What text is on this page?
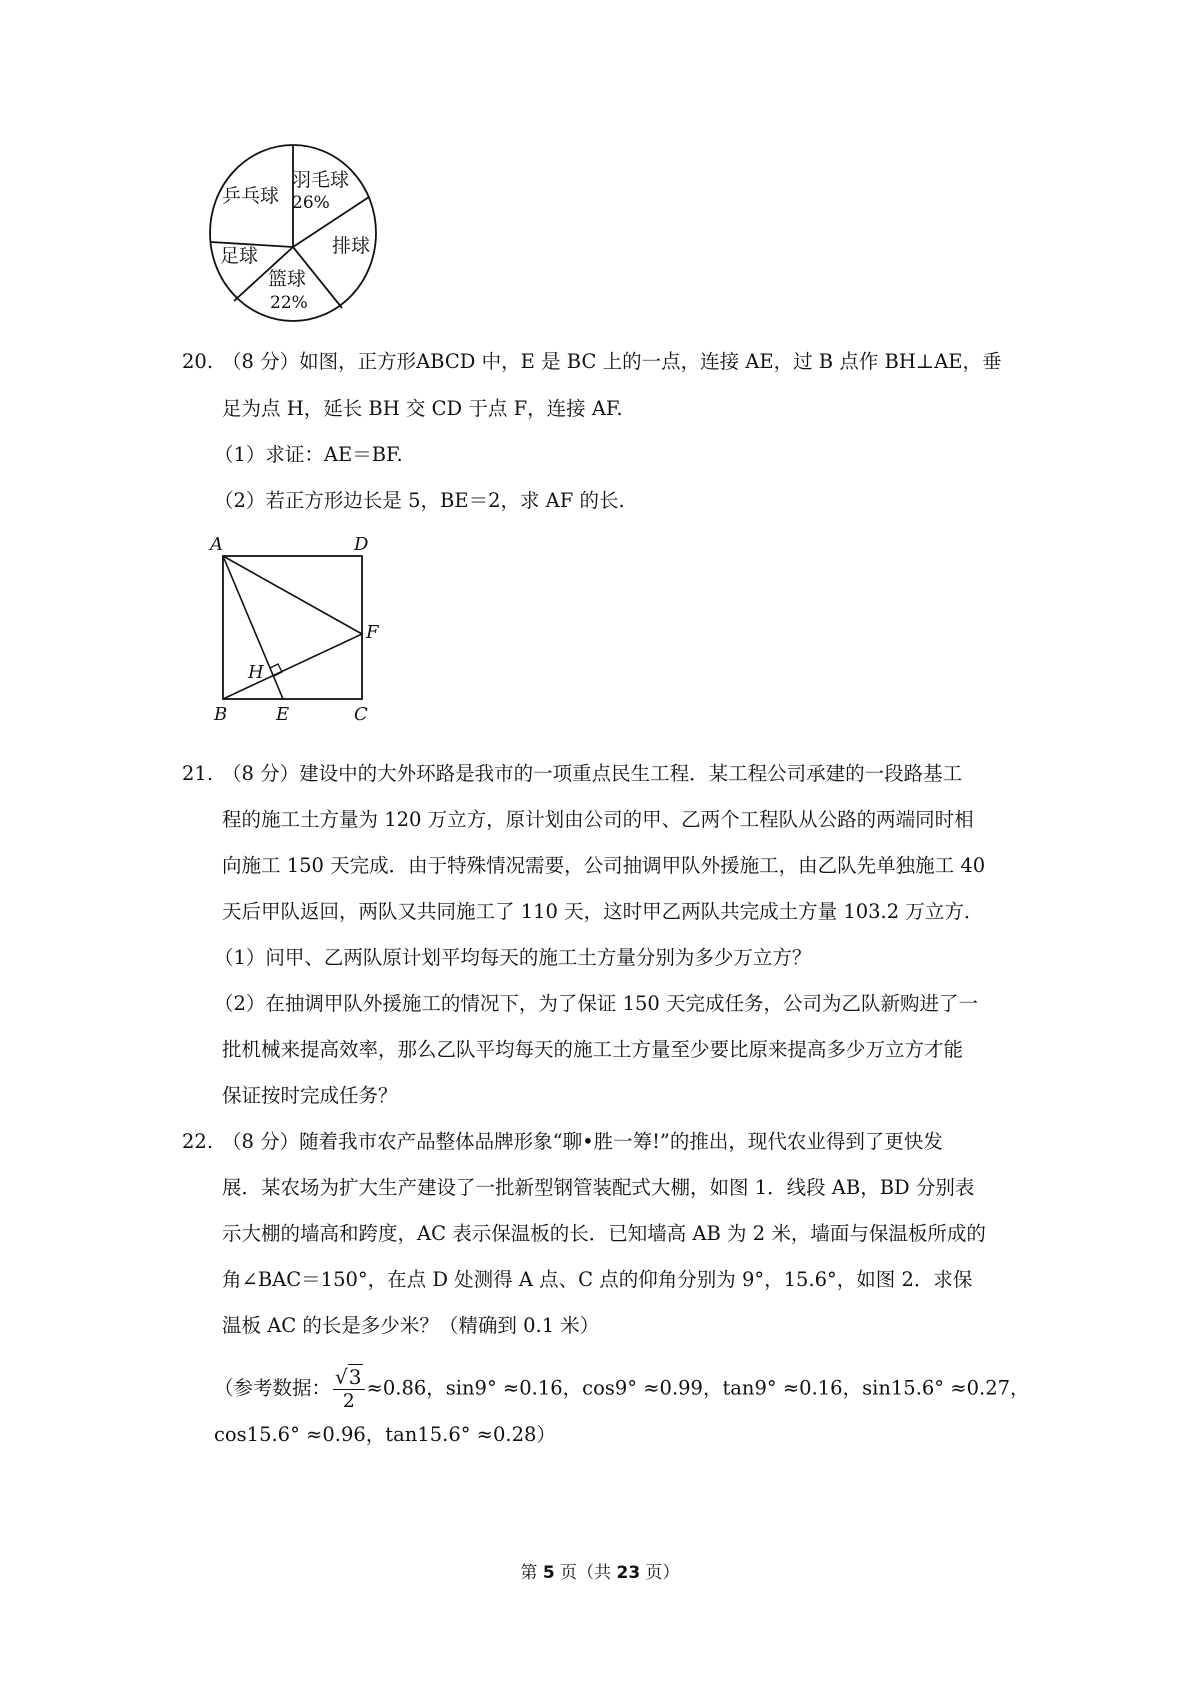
乒乓球
羽毛球
26%
排球
篮球
22%
足球
20. （8 分）如图，正方形ABCD 中，E 是 BC 上的一点，连接 AE，过 B 点作 BH⊥AE，垂
足为点 H，延长 BH 交 CD 于点 F，连接 AF.
（1）求证：AE＝BF.
（2）若正方形边长是 5，BE＝2，求 AF 的长.
A	D
F
H
B	E	C
21. （8 分）建设中的大外环路是我市的一项重点民生工程．某工程公司承建的一段路基工
程的施工土方量为 120 万立方，原计划由公司的甲、乙两个工程队从公路的两端同时相
向施工 150 天完成．由于特殊情况需要，公司抽调甲队外援施工，由乙队先单独施工 40
天后甲队返回，两队又共同施工了 110 天，这时甲乙两队共完成土方量 103.2 万立方．
（1）问甲、乙两队原计划平均每天的施工土方量分别为多少万立方？
（2）在抽调甲队外援施工的情况下，为了保证 150 天完成任务，公司为乙队新购进了一
批机械来提高效率，那么乙队平均每天的施工土方量至少要比原来提高多少万立方才能
保证按时完成任务？
22. （8 分）随着我市农产品整体品牌形象“聊•胜一筹!”的推出，现代农业得到了更快发
展．某农场为扩大生产建设了一批新型钢管装配式大棚，如图 1．线段 AB，BD 分别表
示大棚的墙高和跨度，AC 表示保温板的长．已知墙高 AB 为 2 米，墙面与保温板所成的
角∠BAC＝150°，在点 D 处测得 A 点、C 点的仰角分别为 9°，15.6°，如图 2．求保
温板 AC 的长是多少米？（精确到 0.1 米）
（参考数据： $\frac{√3}{2} \approx 0.86$，sin9° ≈0.16，cos9° ≈0.99，tan9° ≈0.16，sin15.6° ≈0.27，
cos15.6° ≈0.96，tan15.6° ≈0.28）
第 5 页（共 23 页）
